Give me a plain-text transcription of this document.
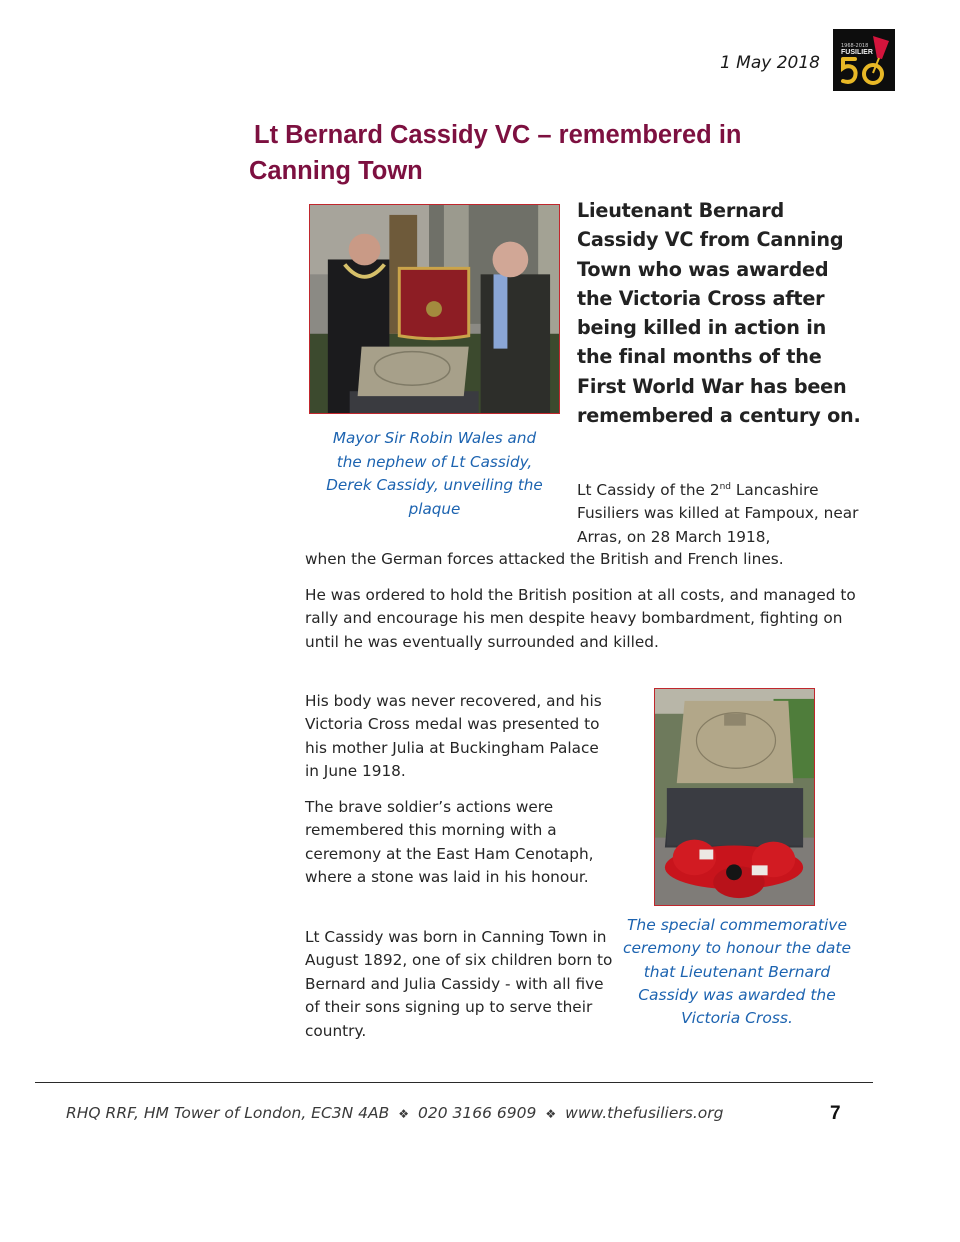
1 May 2018
1968-2018
FUSILIER
Lt Bernard Cassidy VC – remembered in
Canning Town
Lieutenant Bernard Cassidy VC from Canning Town who was awarded the Victoria Cross after being killed in action in the final months of the First World War has been remembered a century on.
Mayor Sir Robin Wales and the nephew of Lt Cassidy, Derek Cassidy, unveiling the plaque
Lt Cassidy of the 2nd Lancashire Fusiliers was killed at Fampoux, near Arras, on 28 March 1918,
when the German forces attacked the British and French lines.
He was ordered to hold the British position at all costs, and managed to rally and encourage his men despite heavy bombardment, fighting on until he was eventually surrounded and killed.
His body was never recovered, and his Victoria Cross medal was presented to his mother Julia at Buckingham Palace in June 1918.
The brave soldier’s actions were remembered this morning with a ceremony at the East Ham Cenotaph, where a stone was laid in his honour.
Lt Cassidy was born in Canning Town in August 1892, one of six children born to Bernard and Julia Cassidy - with all five of their sons signing up to serve their country.
The special commemorative ceremony to honour the date that Lieutenant Bernard Cassidy was awarded the Victoria Cross.
RHQ RRF, HM Tower of London, EC3N 4AB ❖ 020 3166 6909 ❖ www.thefusiliers.org	7
